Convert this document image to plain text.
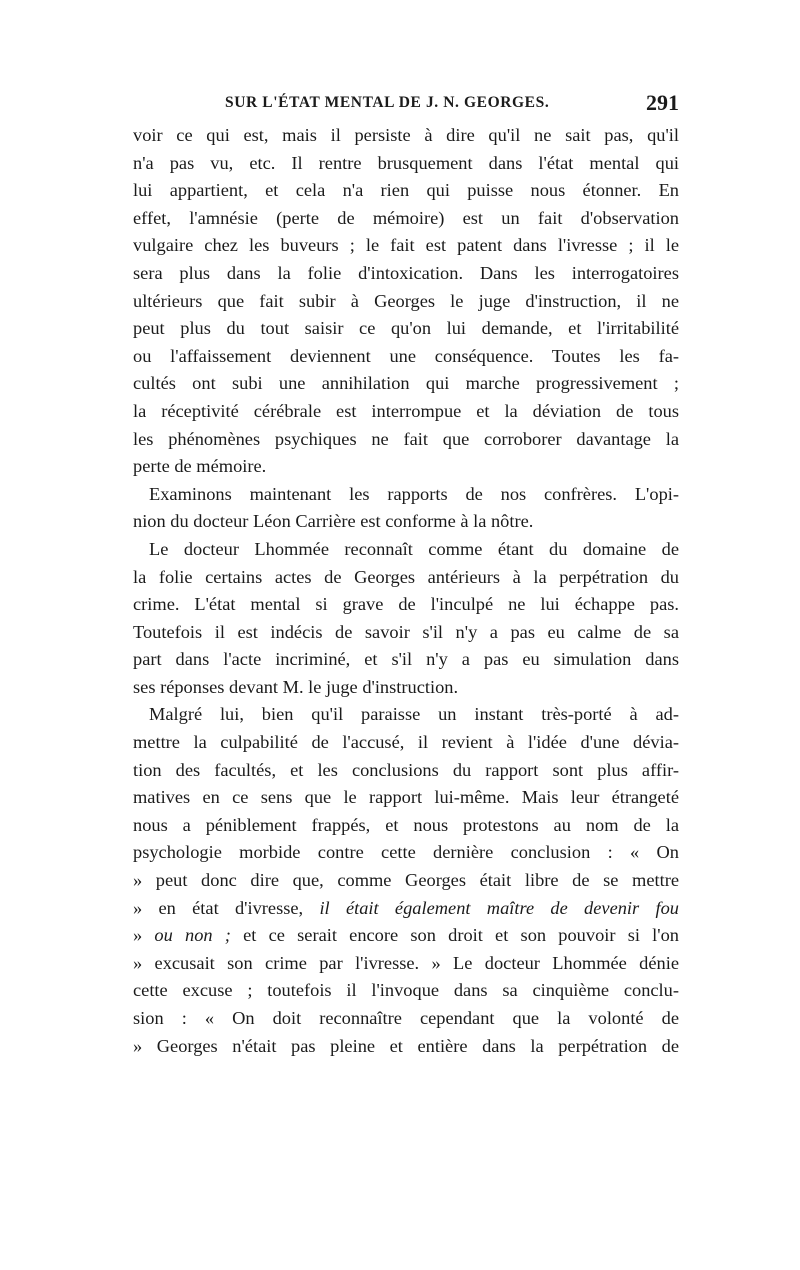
SUR L'ÉTAT MENTAL DE J. N. GEORGES.	291
voir ce qui est, mais il persiste à dire qu'il ne sait pas, qu'il
n'a pas vu, etc. Il rentre brusquement dans l'état mental qui
lui appartient, et cela n'a rien qui puisse nous étonner. En
effet, l'amnésie (perte de mémoire) est un fait d'observation
vulgaire chez les buveurs ; le fait est patent dans l'ivresse ; il le
sera plus dans la folie d'intoxication. Dans les interrogatoires
ultérieurs que fait subir à Georges le juge d'instruction, il ne
peut plus du tout saisir ce qu'on lui demande, et l'irritabilité
ou l'affaissement deviennent une conséquence. Toutes les fa-
cultés ont subi une annihilation qui marche progressivement ;
la réceptivité cérébrale est interrompue et la déviation de tous
les phénomènes psychiques ne fait que corroborer davantage la
perte de mémoire.
Examinons maintenant les rapports de nos confrères. L'opi-
nion du docteur Léon Carrière est conforme à la nôtre.
Le docteur Lhommée reconnaît comme étant du domaine de
la folie certains actes de Georges antérieurs à la perpétration du
crime. L'état mental si grave de l'inculpé ne lui échappe pas.
Toutefois il est indécis de savoir s'il n'y a pas eu calme de sa
part dans l'acte incriminé, et s'il n'y a pas eu simulation dans
ses réponses devant M. le juge d'instruction.
Malgré lui, bien qu'il paraisse un instant très-porté à ad-
mettre la culpabilité de l'accusé, il revient à l'idée d'une dévia-
tion des facultés, et les conclusions du rapport sont plus affir-
matives en ce sens que le rapport lui-même. Mais leur étrangeté
nous a péniblement frappés, et nous protestons au nom de la
psychologie morbide contre cette dernière conclusion : « On
» peut donc dire que, comme Georges était libre de se mettre
» en état d'ivresse, il était également maître de devenir fou
» ou non ; et ce serait encore son droit et son pouvoir si l'on
» excusait son crime par l'ivresse. » Le docteur Lhommée dénie
cette excuse ; toutefois il l'invoque dans sa cinquième conclu-
sion : « On doit reconnaître cependant que la volonté de
» Georges n'était pas pleine et entière dans la perpétration de
